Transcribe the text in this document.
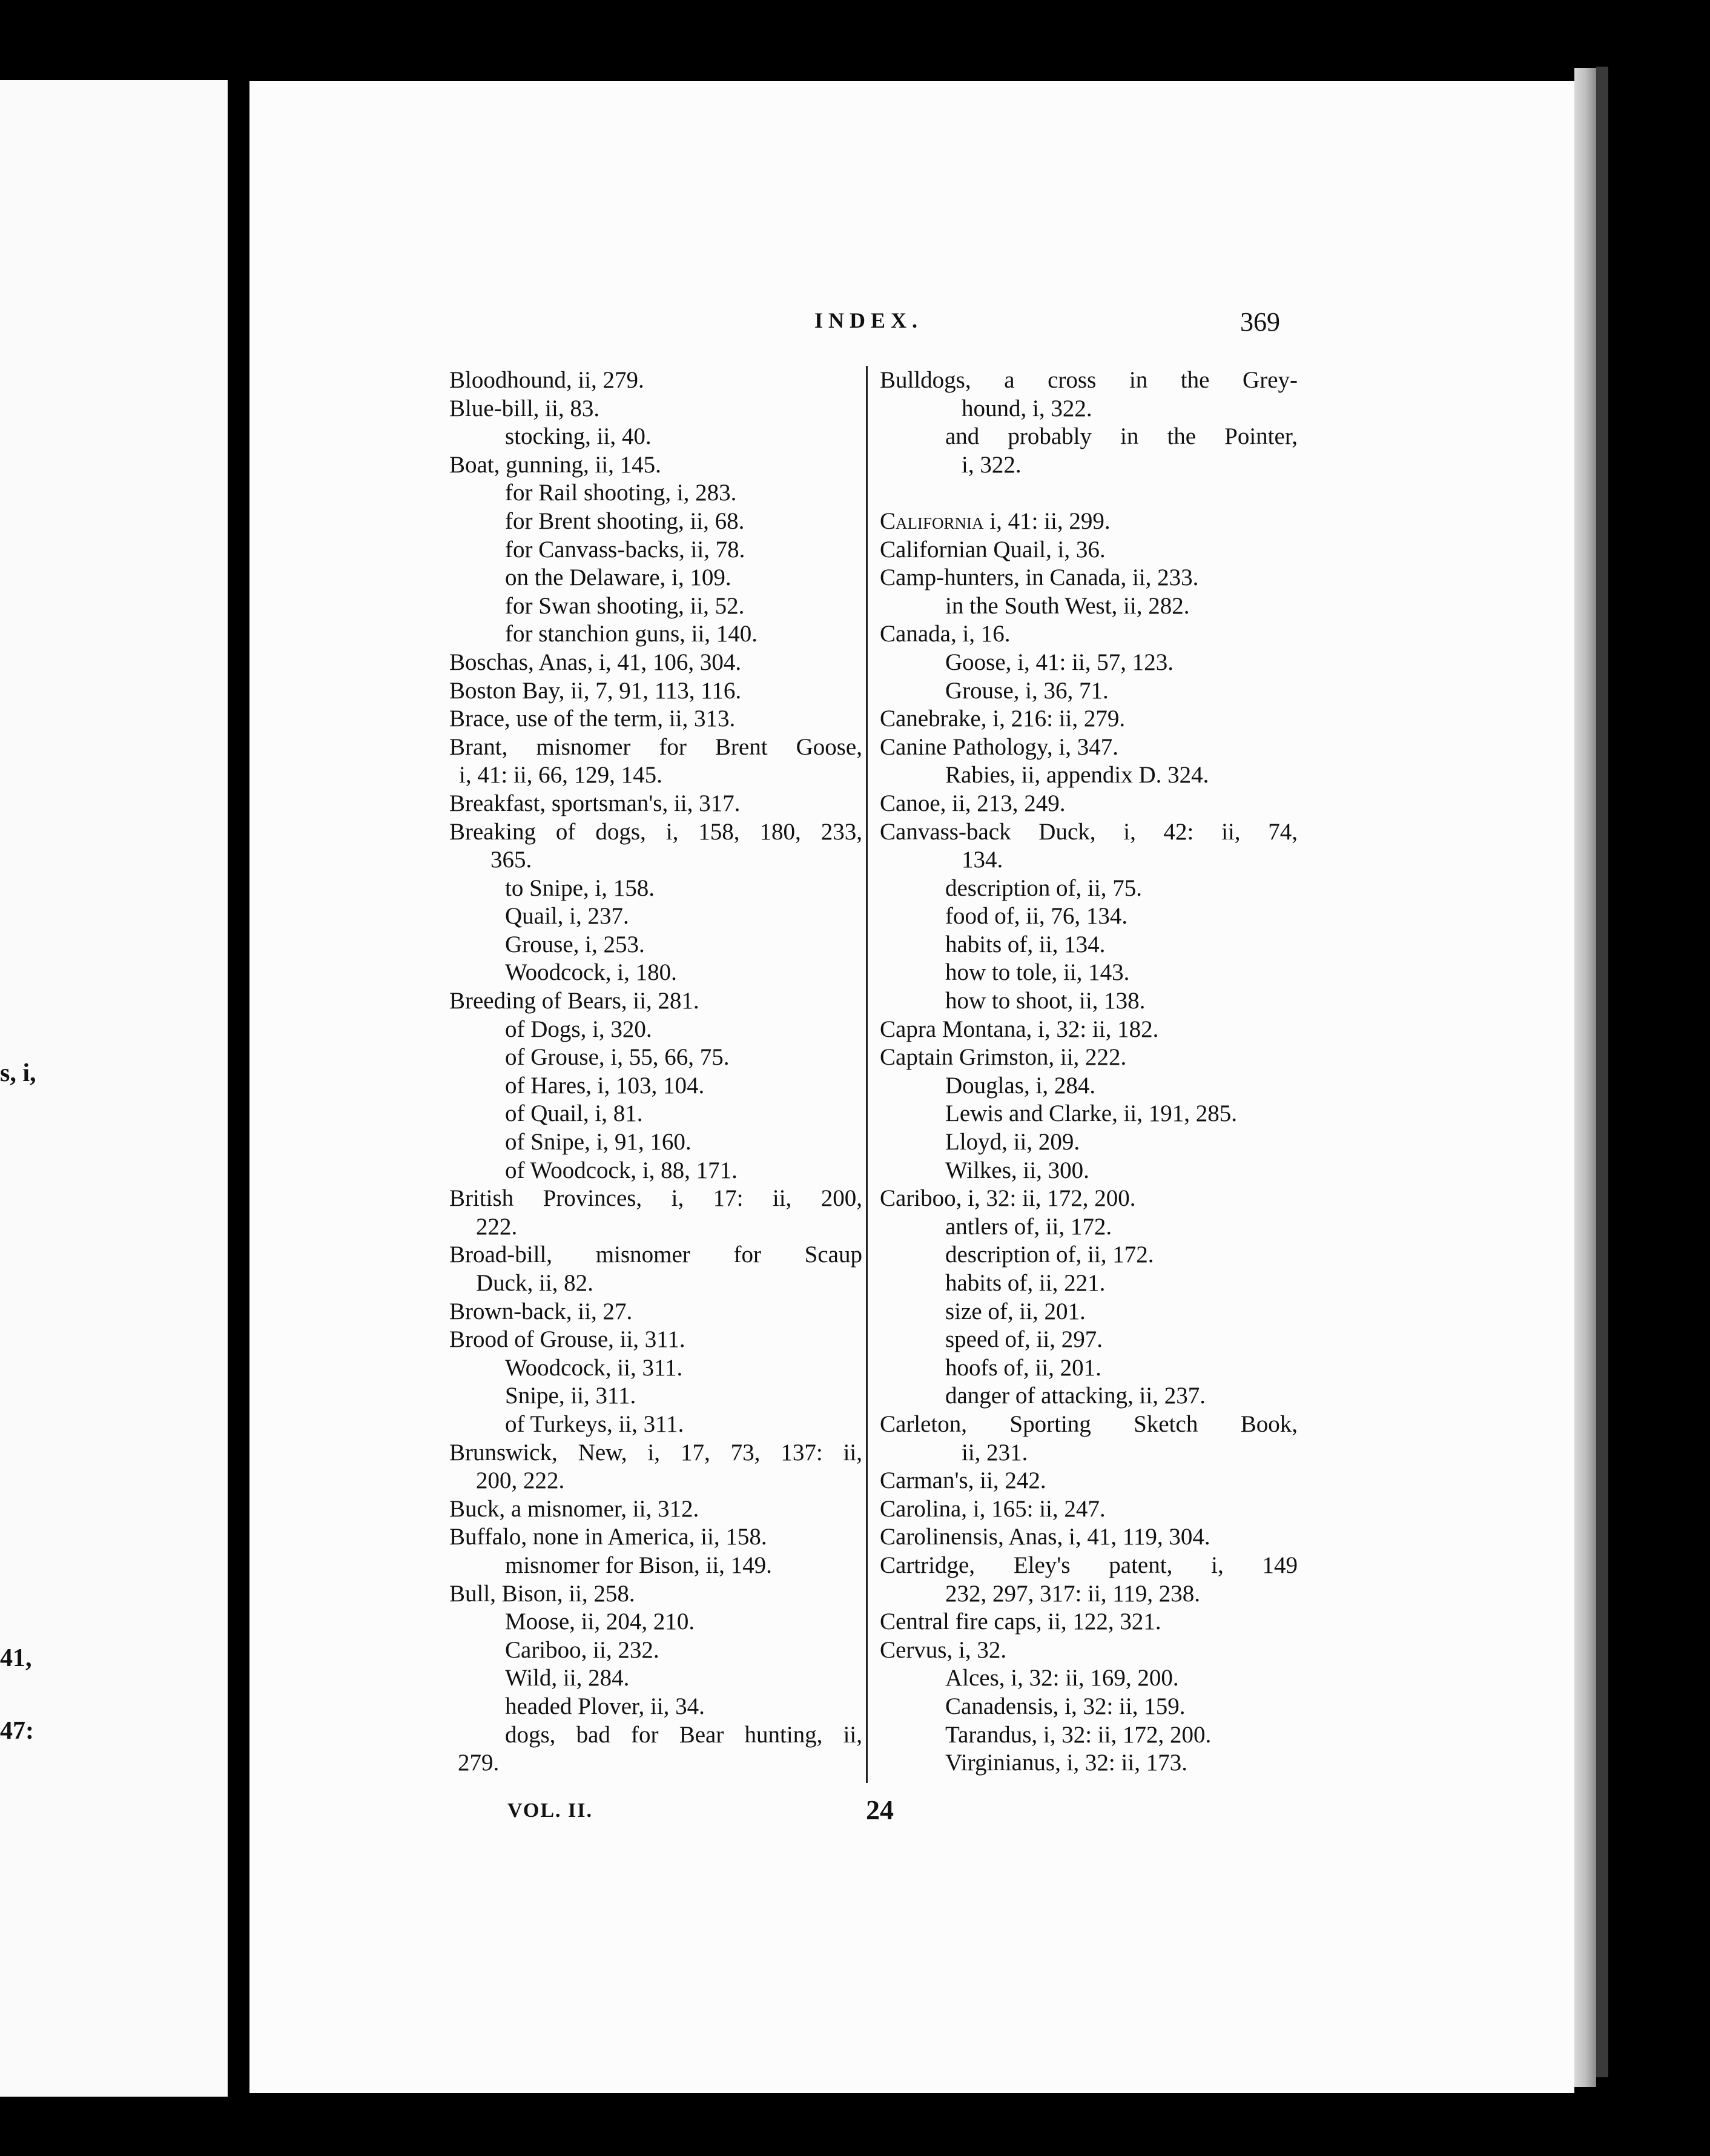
s, i,
41,
47:
INDEX.	369
Bloodhound, ii, 279.
Blue-bill, ii, 83.
stocking, ii, 40.
Boat, gunning, ii, 145.
for Rail shooting, i, 283.
for Brent shooting, ii, 68.
for Canvass-backs, ii, 78.
on the Delaware, i, 109.
for Swan shooting, ii, 52.
for stanchion guns, ii, 140.
Boschas, Anas, i, 41, 106, 304.
Boston Bay, ii, 7, 91, 113, 116.
Brace, use of the term, ii, 313.
Brant, misnomer for Brent Goose,
i, 41: ii, 66, 129, 145.
Breakfast, sportsman's, ii, 317.
Breaking of dogs, i, 158, 180, 233,
365.
to Snipe, i, 158.
Quail, i, 237.
Grouse, i, 253.
Woodcock, i, 180.
Breeding of Bears, ii, 281.
of Dogs, i, 320.
of Grouse, i, 55, 66, 75.
of Hares, i, 103, 104.
of Quail, i, 81.
of Snipe, i, 91, 160.
of Woodcock, i, 88, 171.
British Provinces, i, 17: ii, 200,
222.
Broad-bill, misnomer for Scaup
Duck, ii, 82.
Brown-back, ii, 27.
Brood of Grouse, ii, 311.
Woodcock, ii, 311.
Snipe, ii, 311.
of Turkeys, ii, 311.
Brunswick, New, i, 17, 73, 137: ii,
200, 222.
Buck, a misnomer, ii, 312.
Buffalo, none in America, ii, 158.
misnomer for Bison, ii, 149.
Bull, Bison, ii, 258.
Moose, ii, 204, 210.
Cariboo, ii, 232.
Wild, ii, 284.
headed Plover, ii, 34.
dogs, bad for Bear hunting, ii,
279.
Bulldogs, a cross in the Grey-
hound, i, 322.
and probably in the Pointer,
i, 322.
California i, 41: ii, 299.
Californian Quail, i, 36.
Camp-hunters, in Canada, ii, 233.
in the South West, ii, 282.
Canada, i, 16.
Goose, i, 41: ii, 57, 123.
Grouse, i, 36, 71.
Canebrake, i, 216: ii, 279.
Canine Pathology, i, 347.
Rabies, ii, appendix D. 324.
Canoe, ii, 213, 249.
Canvass-back Duck, i, 42: ii, 74,
134.
description of, ii, 75.
food of, ii, 76, 134.
habits of, ii, 134.
how to tole, ii, 143.
how to shoot, ii, 138.
Capra Montana, i, 32: ii, 182.
Captain Grimston, ii, 222.
Douglas, i, 284.
Lewis and Clarke, ii, 191, 285.
Lloyd, ii, 209.
Wilkes, ii, 300.
Cariboo, i, 32: ii, 172, 200.
antlers of, ii, 172.
description of, ii, 172.
habits of, ii, 221.
size of, ii, 201.
speed of, ii, 297.
hoofs of, ii, 201.
danger of attacking, ii, 237.
Carleton, Sporting Sketch Book,
ii, 231.
Carman's, ii, 242.
Carolina, i, 165: ii, 247.
Carolinensis, Anas, i, 41, 119, 304.
Cartridge, Eley's patent, i, 149
232, 297, 317: ii, 119, 238.
Central fire caps, ii, 122, 321.
Cervus, i, 32.
Alces, i, 32: ii, 169, 200.
Canadensis, i, 32: ii, 159.
Tarandus, i, 32: ii, 172, 200.
Virginianus, i, 32: ii, 173.
VOL. II.	24
